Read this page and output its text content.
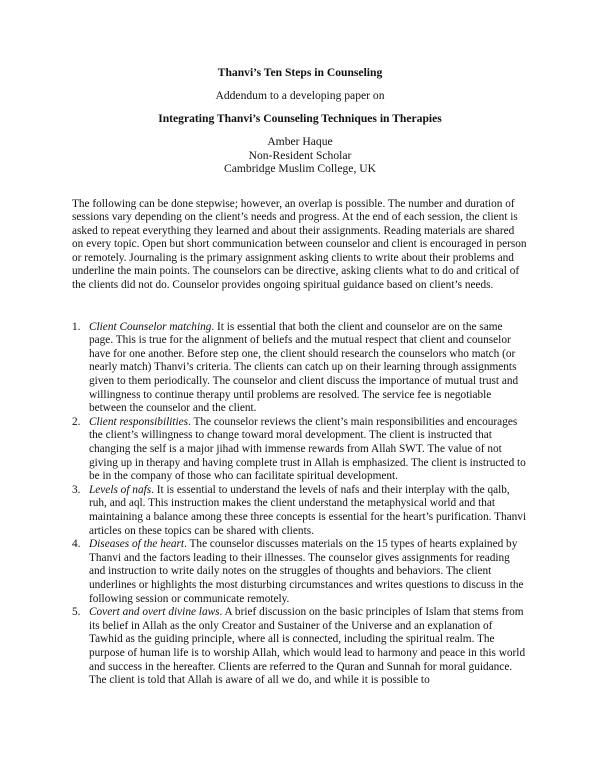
Thanvi’s Ten Steps in Counseling
Addendum to a developing paper on
Integrating Thanvi’s Counseling Techniques in Therapies
Amber Haque
Non-Resident Scholar
Cambridge Muslim College, UK

The following can be done stepwise; however, an overlap is possible. The number and duration of sessions vary depending on the client’s needs and progress. At the end of each session, the client is asked to repeat everything they learned and about their assignments. Reading materials are shared on every topic. Open but short communication between counselor and client is encouraged in person or remotely. Journaling is the primary assignment asking clients to write about their problems and underline the main points. The counselors can be directive, asking clients what to do and critical of the clients did not do. Counselor provides ongoing spiritual guidance based on client’s needs.

1. Client Counselor matching. It is essential that both the client and counselor are on the same page. This is true for the alignment of beliefs and the mutual respect that client and counselor have for one another. Before step one, the client should research the counselors who match (or nearly match) Thanvi’s criteria. The clients can catch up on their learning through assignments given to them periodically. The counselor and client discuss the importance of mutual trust and willingness to continue therapy until problems are resolved. The service fee is negotiable between the counselor and the client.
2. Client responsibilities. The counselor reviews the client’s main responsibilities and encourages the client’s willingness to change toward moral development. The client is instructed that changing the self is a major jihad with immense rewards from Allah SWT. The value of not giving up in therapy and having complete trust in Allah is emphasized. The client is instructed to be in the company of those who can facilitate spiritual development.
3. Levels of nafs. It is essential to understand the levels of nafs and their interplay with the qalb, ruh, and aql. This instruction makes the client understand the metaphysical world and that maintaining a balance among these three concepts is essential for the heart’s purification. Thanvi articles on these topics can be shared with clients.
4. Diseases of the heart. The counselor discusses materials on the 15 types of hearts explained by Thanvi and the factors leading to their illnesses. The counselor gives assignments for reading and instruction to write daily notes on the struggles of thoughts and behaviors. The client underlines or highlights the most disturbing circumstances and writes questions to discuss in the following session or communicate remotely.
5. Covert and overt divine laws. A brief discussion on the basic principles of Islam that stems from its belief in Allah as the only Creator and Sustainer of the Universe and an explanation of Tawhid as the guiding principle, where all is connected, including the spiritual realm. The purpose of human life is to worship Allah, which would lead to harmony and peace in this world and success in the hereafter. Clients are referred to the Quran and Sunnah for moral guidance. The client is told that Allah is aware of all we do, and while it is possible to
